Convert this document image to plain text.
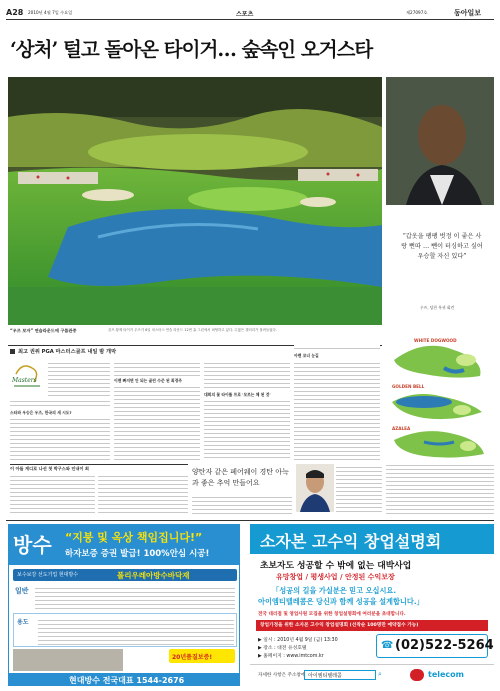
A28 2010년 4월 7일 수요일	스포츠	제27097호	동아일보
‘상처’ 털고 돌아온 타이거… 숲속인 오거스타
“갑옷을 팽팽 벗정 이 좋은 사랑 뻔따 … 뺀이 터싱하고 싶어 우승할 자신 있다”
우즈, 당찬 복귀 회견
“우즈 보자” 연습라운드에 구름관중	골프 황제 타이거 우즈가 6일 마스터스 연습 라운드 12번 홀 그린에서 퍼팅하고 있다. 수많은 갤러리가 몰려들었다.
최고 권위 PGA 마스터스골프 내일 밤 개막
Masters
스타와 우승은 우즈, 한국의 새 시도?
이 아들 게디로 나선 첫 박구스와 인내이 최
이젠 빠지면 안 되는 골린 수준 된 최경주
대회의 꽃 타이틀 프로 '모르는 체 된 것'
양탄자 같은 페어웨이 경탄 아늑과 좋은 추억 만들어요
아멘 코너 눈길
WHITE DOGWOOD
GOLDEN BELL
AZALEA
방수 “지붕 및 옥상 책임집니다!”
하자보증 증권 발급! 100%안심 시공!
보수보강 선도기업 현대방수	폴리우레아방수바닥재
일반
용도
20년품질보증!
현대방수 전국대표 1544-2676
소자본 고수익 창업설명회
초보자도 성공할 수 밖에 없는 대박사업
유망창업 / 평생사업 / 안정된 수익보장
「성공의 길을 가실분은 믿고 오십시요.
아이엠티텔레콤은 당신과 함께 성공을 설계합니다.」
전국 대리점 및 영업사원 모집을 위한 창업설명회에 여러분을 초대합니다.
창업가정을 위한 소자본 고수익 창업설명회 (선착순 100명만 예약접수 가능)
▶ 일시 : 2010년 4월 9일 (금) 13:30
▶ 장소 : 대전 유성호텔
▶ 홈페이지 : www.imtcom.kr
☎ (02)522-5264
자세한 사항은 주소창에 아이엠티텔레콤	⌕	telecom
